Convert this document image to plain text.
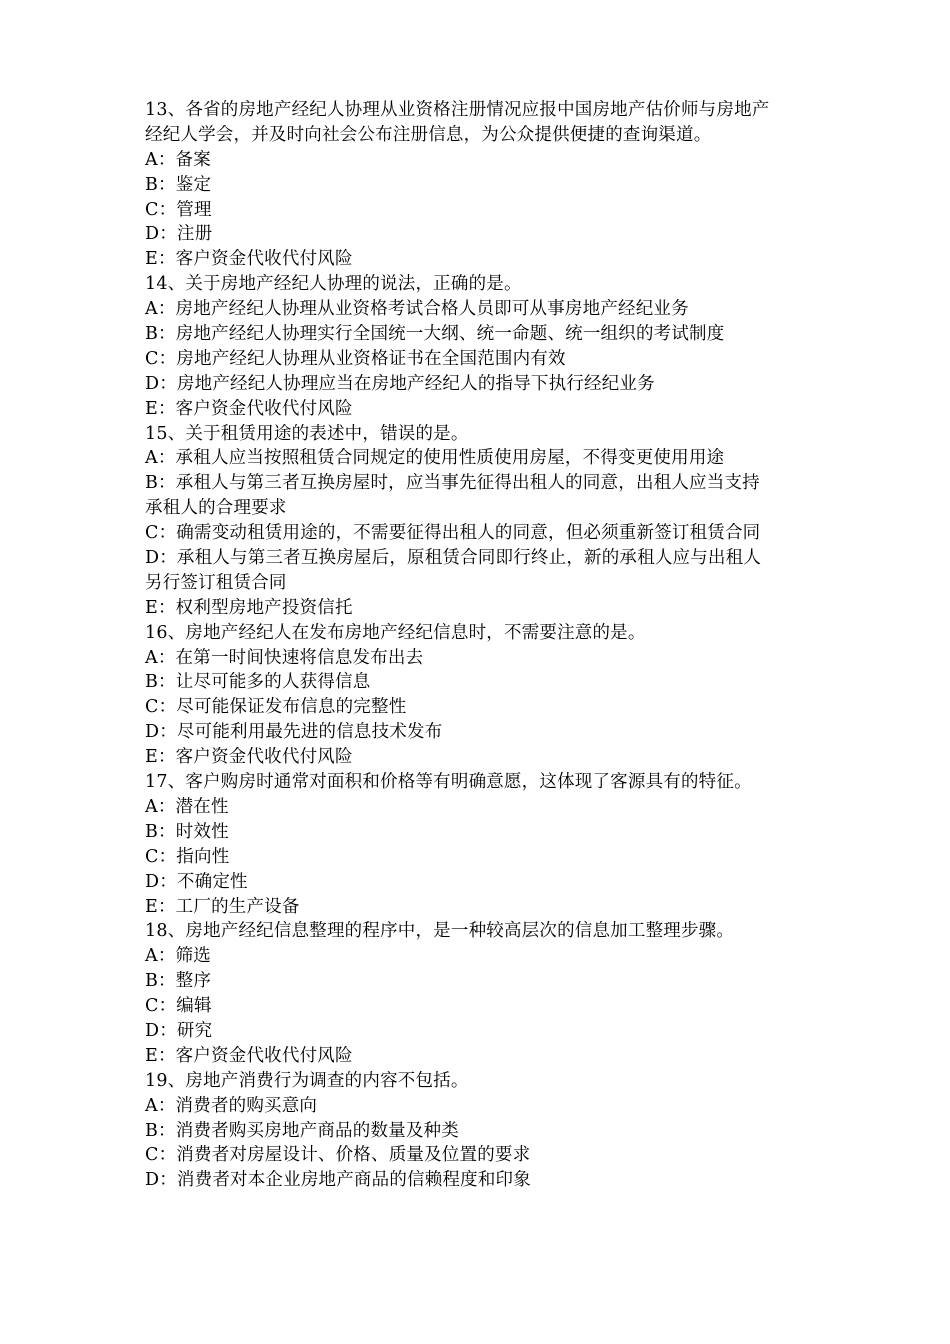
13、各省的房地产经纪人协理从业资格注册情况应报中国房地产估价师与房地产
经纪人学会，并及时向社会公布注册信息，为公众提供便捷的查询渠道。
A：备案
B：鉴定
C：管理
D：注册
E：客户资金代收代付风险
14、关于房地产经纪人协理的说法，正确的是。
A：房地产经纪人协理从业资格考试合格人员即可从事房地产经纪业务
B：房地产经纪人协理实行全国统一大纲、统一命题、统一组织的考试制度
C：房地产经纪人协理从业资格证书在全国范围内有效
D：房地产经纪人协理应当在房地产经纪人的指导下执行经纪业务
E：客户资金代收代付风险
15、关于租赁用途的表述中，错误的是。
A：承租人应当按照租赁合同规定的使用性质使用房屋，不得变更使用用途
B：承租人与第三者互换房屋时，应当事先征得出租人的同意，出租人应当支持
承租人的合理要求
C：确需变动租赁用途的，不需要征得出租人的同意，但必须重新签订租赁合同
D：承租人与第三者互换房屋后，原租赁合同即行终止，新的承租人应与出租人
另行签订租赁合同
E：权利型房地产投资信托
16、房地产经纪人在发布房地产经纪信息时，不需要注意的是。
A：在第一时间快速将信息发布出去
B：让尽可能多的人获得信息
C：尽可能保证发布信息的完整性
D：尽可能利用最先进的信息技术发布
E：客户资金代收代付风险
17、客户购房时通常对面积和价格等有明确意愿，这体现了客源具有的特征。
A：潜在性
B：时效性
C：指向性
D：不确定性
E：工厂的生产设备
18、房地产经纪信息整理的程序中，是一种较高层次的信息加工整理步骤。
A：筛选
B：整序
C：编辑
D：研究
E：客户资金代收代付风险
19、房地产消费行为调查的内容不包括。
A：消费者的购买意向
B：消费者购买房地产商品的数量及种类
C：消费者对房屋设计、价格、质量及位置的要求
D：消费者对本企业房地产商品的信赖程度和印象
